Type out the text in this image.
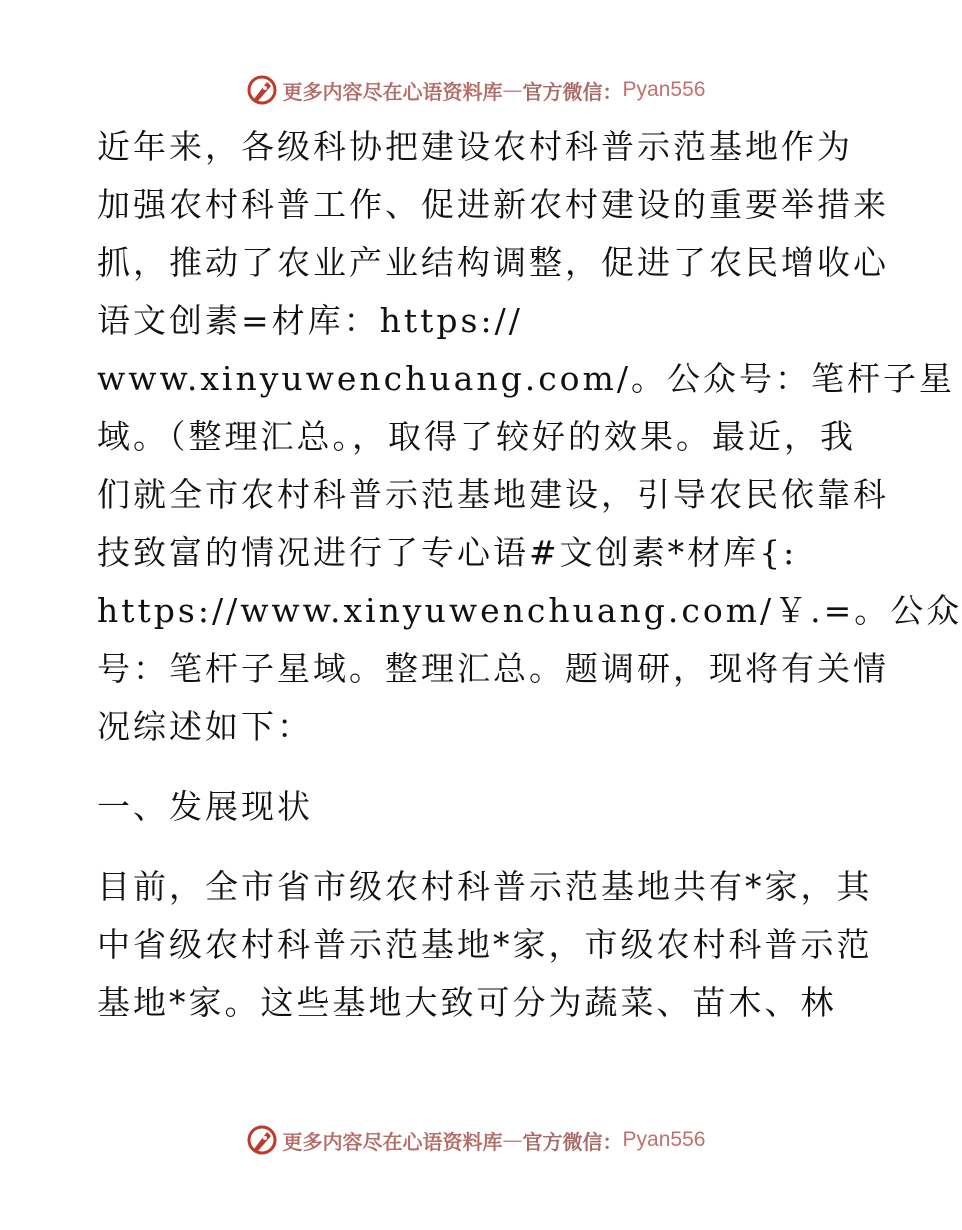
更多内容尽在心语资料库 — 官方微信： Pyan556
近年来，各级科协把建设农村科普示范基地作为
加强农村科普工作、促进新农村建设的重要举措来
抓，推动了农业产业结构调整，促进了农民增收心
语文创素=材库：https://
www.xinyuwenchuang.com/。公众号：笔杆子星
域。（整理汇总。，取得了较好的效果。最近，我
们就全市农村科普示范基地建设，引导农民依靠科
技致富的情况进行了专心语#文创素*材库{:
https://www.xinyuwenchuang.com/￥.=。公众
号：笔杆子星域。整理汇总。题调研，现将有关情
况综述如下：
一、发展现状
目前，全市省市级农村科普示范基地共有*家，其
中省级农村科普示范基地*家，市级农村科普示范
基地*家。这些基地大致可分为蔬菜、苗木、林
更多内容尽在心语资料库 — 官方微信： Pyan556
